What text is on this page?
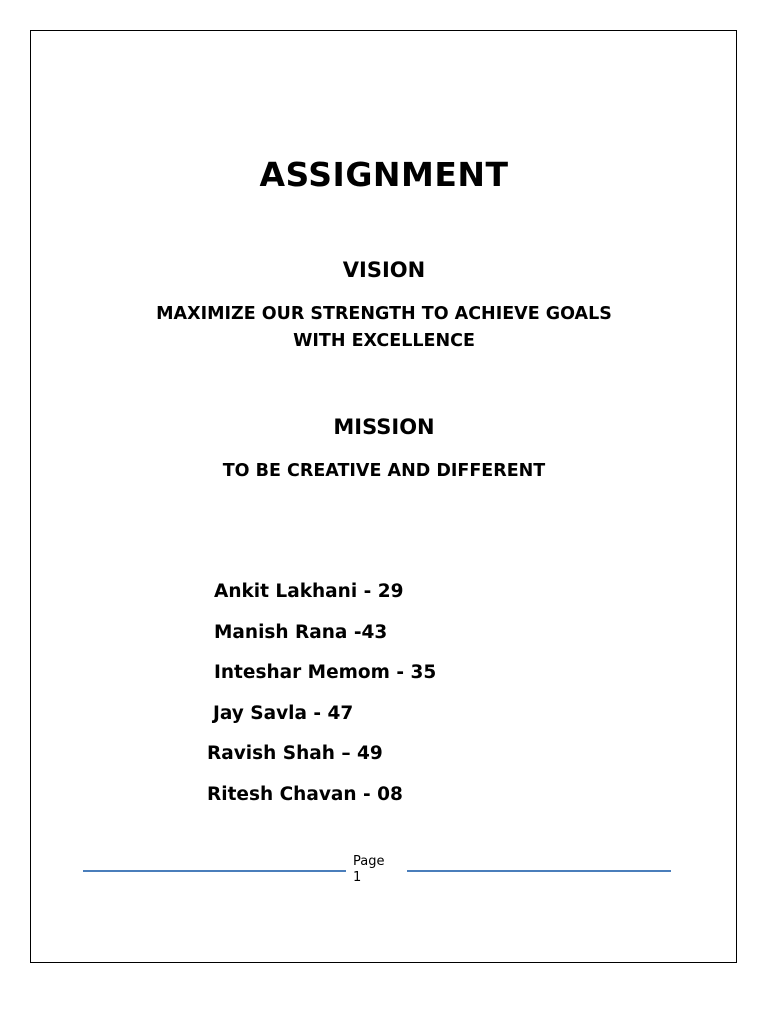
ASSIGNMENT
VISION
MAXIMIZE OUR STRENGTH TO ACHIEVE GOALS
WITH EXCELLENCE
MISSION
TO BE CREATIVE AND DIFFERENT
Ankit Lakhani - 29
Manish Rana -43
Inteshar Memom - 35
Jay Savla - 47
Ravish Shah – 49
Ritesh Chavan - 08
Page
1
